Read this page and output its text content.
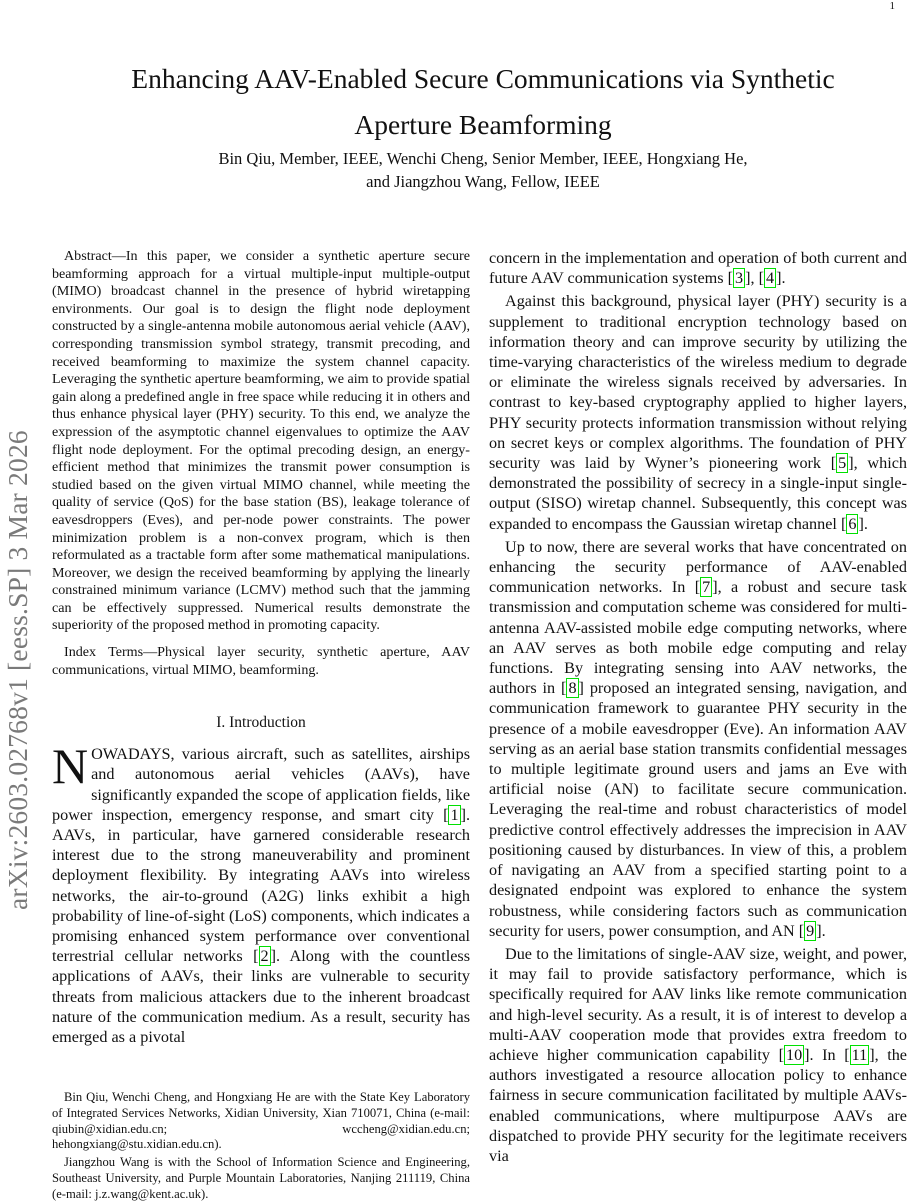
1
arXiv:2603.02768v1 [eess.SP] 3 Mar 2026
Enhancing AAV-Enabled Secure Communications via Synthetic
Aperture Beamforming
Bin Qiu, Member, IEEE, Wenchi Cheng, Senior Member, IEEE, Hongxiang He,
and Jiangzhou Wang, Fellow, IEEE

Abstract—In this paper, we consider a synthetic aperture secure beamforming approach for a virtual multiple-input multiple-output (MIMO) broadcast channel in the presence of hybrid wiretapping environments. Our goal is to design the flight node deployment constructed by a single-antenna mobile autonomous aerial vehicle (AAV), corresponding transmission symbol strategy, transmit precoding, and received beamforming to maximize the system channel capacity. Leveraging the synthetic aperture beamforming, we aim to provide spatial gain along a predefined angle in free space while reducing it in others and thus enhance physical layer (PHY) security. To this end, we analyze the expression of the asymptotic channel eigenvalues to optimize the AAV flight node deployment. For the optimal precoding design, an energy-efficient method that minimizes the transmit power consumption is studied based on the given virtual MIMO channel, while meeting the quality of service (QoS) for the base station (BS), leakage tolerance of eavesdroppers (Eves), and per-node power constraints. The power minimization problem is a non-convex program, which is then reformulated as a tractable form after some mathematical manipulations. Moreover, we design the received beamforming by applying the linearly constrained minimum variance (LCMV) method such that the jamming can be effectively suppressed. Numerical results demonstrate the superiority of the proposed method in promoting capacity.

Index Terms—Physical layer security, synthetic aperture, AAV communications, virtual MIMO, beamforming.

I. Introduction

NOWADAYS, various aircraft, such as satellites, airships and autonomous aerial vehicles (AAVs), have significantly expanded the scope of application fields, like power inspection, emergency response, and smart city [ 1 ]. AAVs, in particular, have garnered considerable research interest due to the strong maneuverability and prominent deployment flexibility. By integrating AAVs into wireless networks, the air-to-ground (A2G) links exhibit a high probability of line-of-sight (LoS) components, which indicates a promising enhanced system performance over conventional terrestrial cellular networks [ 2 ]. Along with the countless applications of AAVs, their links are vulnerable to security threats from malicious attackers due to the inherent broadcast nature of the communication medium. As a result, security has emerged as a pivotal

Bin Qiu, Wenchi Cheng, and Hongxiang He are with the State Key Laboratory of Integrated Services Networks, Xidian University, Xian 710071, China (e-mail: qiubin@xidian.edu.cn; wccheng@xidian.edu.cn; hehongxiang@stu.xidian.edu.cn).

Jiangzhou Wang is with the School of Information Science and Engineering, Southeast University, and Purple Mountain Laboratories, Nanjing 211119, China (e-mail: j.z.wang@kent.ac.uk).

concern in the implementation and operation of both current and future AAV communication systems [ 3 ], [ 4 ].

Against this background, physical layer (PHY) security is a supplement to traditional encryption technology based on information theory and can improve security by utilizing the time-varying characteristics of the wireless medium to degrade or eliminate the wireless signals received by adversaries. In contrast to key-based cryptography applied to higher layers, PHY security protects information transmission without relying on secret keys or complex algorithms. The foundation of PHY security was laid by Wyner’s pioneering work [ 5 ], which demonstrated the possibility of secrecy in a single-input single-output (SISO) wiretap channel. Subsequently, this concept was expanded to encompass the Gaussian wiretap channel [ 6 ].

Up to now, there are several works that have concentrated on enhancing the security performance of AAV-enabled communication networks. In [ 7 ], a robust and secure task transmission and computation scheme was considered for multi-antenna AAV-assisted mobile edge computing networks, where an AAV serves as both mobile edge computing and relay functions. By integrating sensing into AAV networks, the authors in [ 8 ] proposed an integrated sensing, navigation, and communication framework to guarantee PHY security in the presence of a mobile eavesdropper (Eve). An information AAV serving as an aerial base station transmits confidential messages to multiple legitimate ground users and jams an Eve with artificial noise (AN) to facilitate secure communication. Leveraging the real-time and robust characteristics of model predictive control effectively addresses the imprecision in AAV positioning caused by disturbances. In view of this, a problem of navigating an AAV from a specified starting point to a designated endpoint was explored to enhance the system robustness, while considering factors such as communication security for users, power consumption, and AN [ 9 ].

Due to the limitations of single-AAV size, weight, and power, it may fail to provide satisfactory performance, which is specifically required for AAV links like remote communication and high-level security. As a result, it is of interest to develop a multi-AAV cooperation mode that provides extra freedom to achieve higher communication capability [ 10 ]. In [ 11 ], the authors investigated a resource allocation policy to enhance fairness in secure communication facilitated by multiple AAVs-enabled communications, where multipurpose AAVs are dispatched to provide PHY security for the legitimate receivers via
